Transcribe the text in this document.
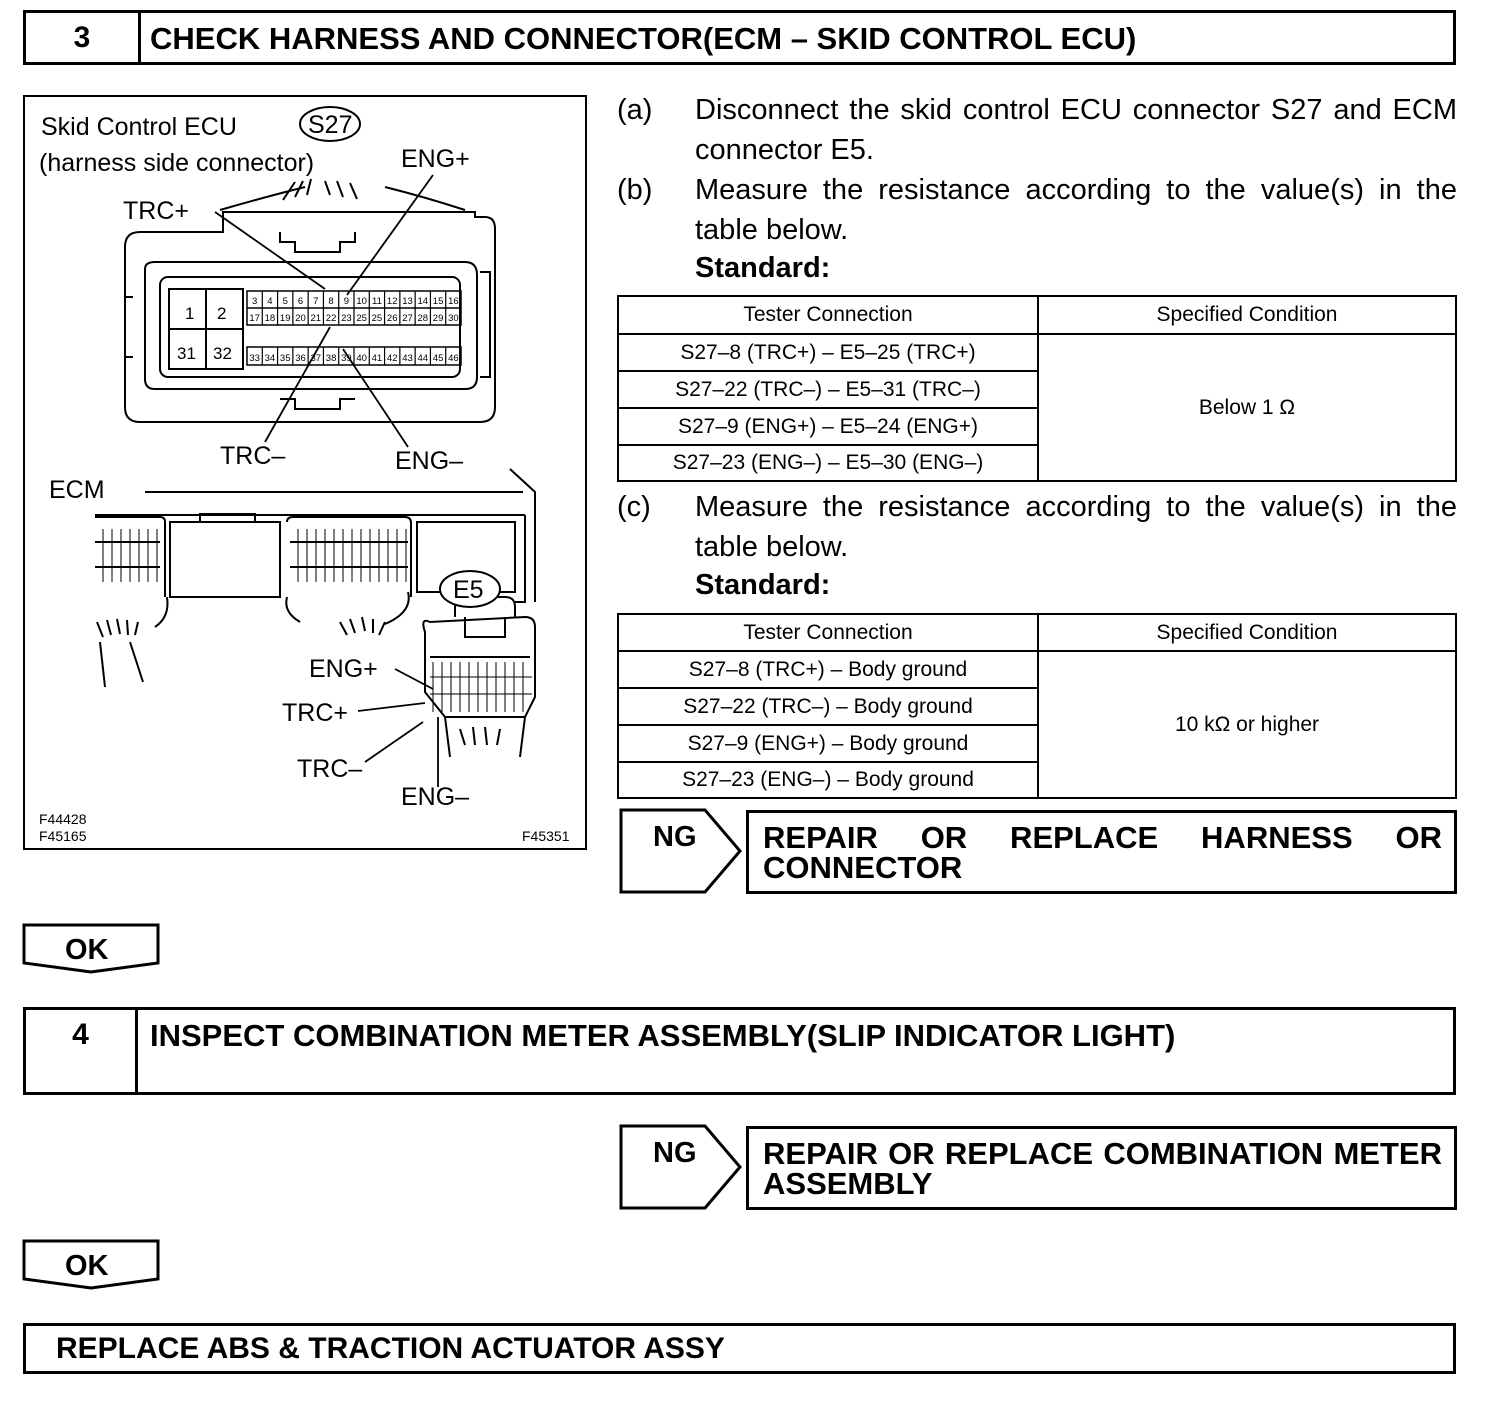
3	CHECK HARNESS AND CONNECTOR(ECM – SKID CONTROL ECU)
1 2
31 32
3 4 5 6 7 8 9 10 11 12 13 14 15 16
17 18 19 20 21 22 23 25 25 26 27 28 29 30
33 34 35 36 37 38 39 40 41 42 43 44 45 46
S27
E5
Skid Control ECU
(harness side connector)	ENG+
TRC+
TRC–	ENG–
ECM
ENG+
TRC+
TRC–
ENG–
F44428
F45165	F45351
(a) Disconnect the skid control ECU connector S27 and ECM connector E5.
(b) Measure the resistance according to the value(s) in the table below.
Standard:
Tester Connection	Specified Condition
S27–8 (TRC+) – E5–25 (TRC+)	Below 1 Ω
S27–22 (TRC–) – E5–31 (TRC–)	
S27–9 (ENG+) – E5–24 (ENG+)	
S27–23 (ENG–) – E5–30 (ENG–)	
(c) Measure the resistance according to the value(s) in the table below.
Standard:
Tester Connection	Specified Condition
S27–8 (TRC+) – Body ground	10 kΩ or higher
S27–22 (TRC–) – Body ground	
S27–9 (ENG+) – Body ground	
S27–23 (ENG–) – Body ground	
NG	REPAIR OR REPLACE HARNESS OR CONNECTOR
OK
4	INSPECT COMBINATION METER ASSEMBLY(SLIP INDICATOR LIGHT)
NG	REPAIR OR REPLACE COMBINATION METER ASSEMBLY
OK
REPLACE ABS & TRACTION ACTUATOR ASSY
